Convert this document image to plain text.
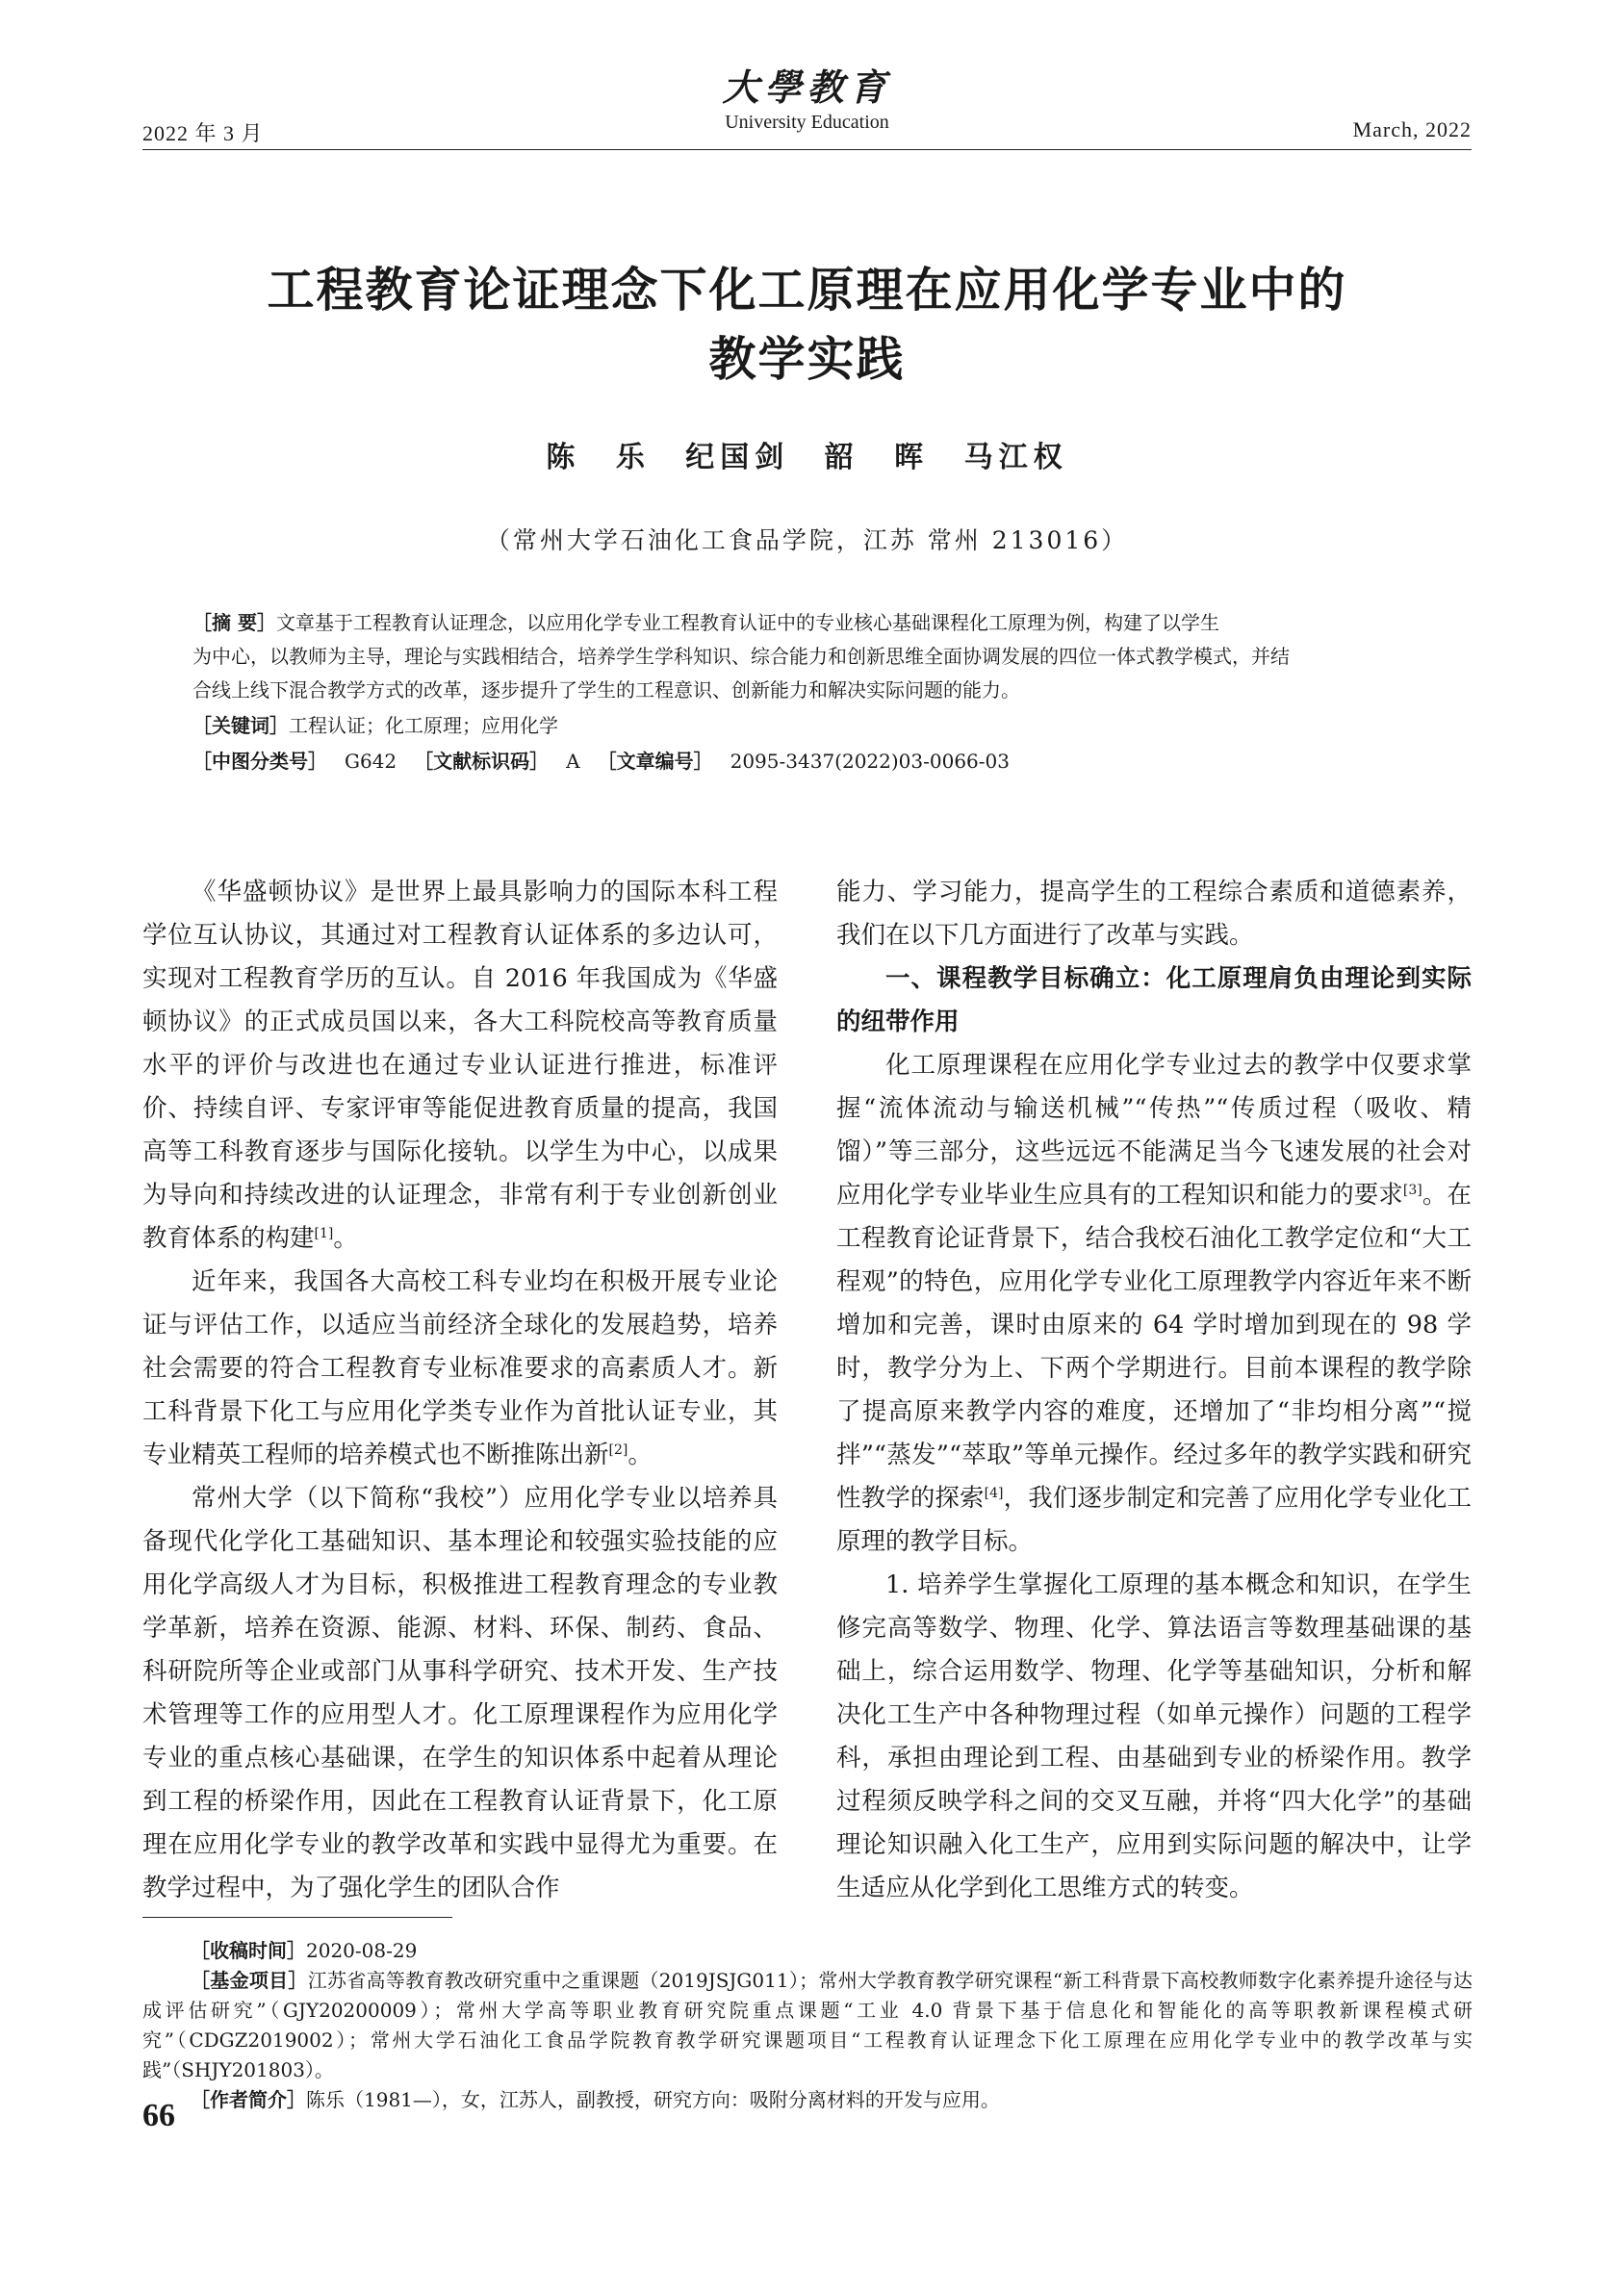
2022 年 3 月
大學教育
University Education	March, 2022
工程教育论证理念下化工原理在应用化学专业中的
教学实践
陈 乐 纪国剑 韶 晖 马江权
（常州大学石油化工食品学院，江苏 常州 213016）
［摘 要］文章基于工程教育认证理念，以应用化学专业工程教育认证中的专业核心基础课程化工原理为例，构建了以学生
为中心，以教师为主导，理论与实践相结合，培养学生学科知识、综合能力和创新思维全面协调发展的四位一体式教学模式，并结
合线上线下混合教学方式的改革，逐步提升了学生的工程意识、创新能力和解决实际问题的能力。
［关键词］工程认证；化工原理；应用化学
［中图分类号］ G642 ［文献标识码］ A ［文章编号］ 2095-3437(2022)03-0066-03

《华盛顿协议》是世界上最具影响力的国际本科工程学位互认协议，其通过对工程教育认证体系的多边认可，实现对工程教育学历的互认。自 2016 年我国成为《华盛顿协议》的正式成员国以来，各大工科院校高等教育质量水平的评价与改进也在通过专业认证进行推进，标准评价、持续自评、专家评审等能促进教育质量的提高，我国高等工科教育逐步与国际化接轨。以学生为中心，以成果为导向和持续改进的认证理念，非常有利于专业创新创业教育体系的构建[1]。

近年来，我国各大高校工科专业均在积极开展专业论证与评估工作，以适应当前经济全球化的发展趋势，培养社会需要的符合工程教育专业标准要求的高素质人才。新工科背景下化工与应用化学类专业作为首批认证专业，其专业精英工程师的培养模式也不断推陈出新[2]。

常州大学（以下简称“我校”）应用化学专业以培养具备现代化学化工基础知识、基本理论和较强实验技能的应用化学高级人才为目标，积极推进工程教育理念的专业教学革新，培养在资源、能源、材料、环保、制药、食品、科研院所等企业或部门从事科学研究、技术开发、生产技术管理等工作的应用型人才。化工原理课程作为应用化学专业的重点核心基础课，在学生的知识体系中起着从理论到工程的桥梁作用，因此在工程教育认证背景下，化工原理在应用化学专业的教学改革和实践中显得尤为重要。在教学过程中，为了强化学生的团队合作

能力、学习能力，提高学生的工程综合素质和道德素养，我们在以下几方面进行了改革与实践。

一、课程教学目标确立：化工原理肩负由理论到实际的纽带作用

化工原理课程在应用化学专业过去的教学中仅要求掌握“流体流动与输送机械”“传热”“传质过程（吸收、精馏）”等三部分，这些远远不能满足当今飞速发展的社会对应用化学专业毕业生应具有的工程知识和能力的要求[3]。在工程教育论证背景下，结合我校石油化工教学定位和“大工程观”的特色，应用化学专业化工原理教学内容近年来不断增加和完善，课时由原来的 64 学时增加到现在的 98 学时，教学分为上、下两个学期进行。目前本课程的教学除了提高原来教学内容的难度，还增加了“非均相分离”“搅拌”“蒸发”“萃取”等单元操作。经过多年的教学实践和研究性教学的探索[4]，我们逐步制定和完善了应用化学专业化工原理的教学目标。

1. 培养学生掌握化工原理的基本概念和知识，在学生修完高等数学、物理、化学、算法语言等数理基础课的基础上，综合运用数学、物理、化学等基础知识，分析和解决化工生产中各种物理过程（如单元操作）问题的工程学科，承担由理论到工程、由基础到专业的桥梁作用。教学过程须反映学科之间的交叉互融，并将“四大化学”的基础理论知识融入化工生产，应用到实际问题的解决中，让学生适应从化学到化工思维方式的转变。

［收稿时间］2020-08-29
［基金项目］江苏省高等教育教改研究重中之重课题（2019JSJG011）；常州大学教育教学研究课程“新工科背景下高校教师数字化素养提升途径与达成评估研究”（GJY20200009）；常州大学高等职业教育研究院重点课题“工业 4.0 背景下基于信息化和智能化的高等职教新课程模式研究”（CDGZ2019002）；常州大学石油化工食品学院教育教学研究课题项目“工程教育认证理念下化工原理在应用化学专业中的教学改革与实践”（SHJY201803）。
［作者简介］陈乐（1981—），女，江苏人，副教授，研究方向：吸附分离材料的开发与应用。
66
